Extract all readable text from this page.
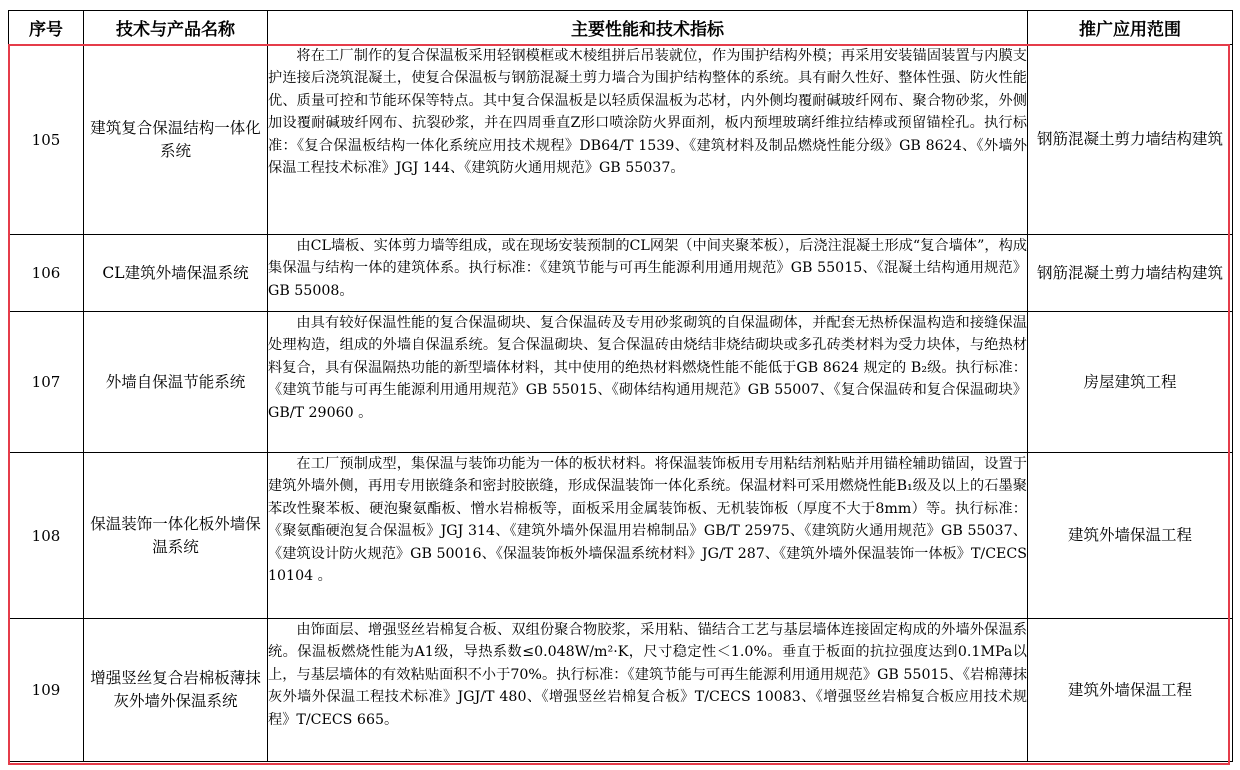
序号	技术与产品名称	主要性能和技术指标	推广应用范围
105	建筑复合保温结构一体化系统	将在工厂制作的复合保温板采用轻钢模框或木棱组拼后吊装就位，作为围护结构外模；再采用安装锚固装置与内膜支护连接后浇筑混凝土，使复合保温板与钢筋混凝土剪力墙合为围护结构整体的系统。具有耐久性好、整体性强、防火性能优、质量可控和节能环保等特点。其中复合保温板是以轻质保温板为芯材，内外侧均覆耐碱玻纤网布、聚合物砂浆，外侧加设覆耐碱玻纤网布、抗裂砂浆，并在四周垂直Z形口喷涂防火界面剂，板内预埋玻璃纤维拉结棒或预留锚栓孔。执行标准：《复合保温板结构一体化系统应用技术规程》DB64/T 1539、《建筑材料及制品燃烧性能分级》GB 8624、《外墙外保温工程技术标准》JGJ 144、《建筑防火通用规范》GB 55037。	钢筋混凝土剪力墙结构建筑
106	CL建筑外墙保温系统	由CL墙板、实体剪力墙等组成，或在现场安装预制的CL网架（中间夹聚苯板），后浇注混凝土形成“复合墙体”，构成集保温与结构一体的建筑体系。执行标准：《建筑节能与可再生能源利用通用规范》GB 55015、《混凝土结构通用规范》GB 55008。	钢筋混凝土剪力墙结构建筑
107	外墙自保温节能系统	由具有较好保温性能的复合保温砌块、复合保温砖及专用砂浆砌筑的自保温砌体，并配套无热桥保温构造和接缝保温处理构造，组成的外墙自保温系统。复合保温砌块、复合保温砖由烧结非烧结砌块或多孔砖类材料为受力块体，与绝热材料复合，具有保温隔热功能的新型墙体材料，其中使用的绝热材料燃烧性能不能低于GB 8624 规定的 B₂级。执行标准：《建筑节能与可再生能源利用通用规范》GB 55015、《砌体结构通用规范》GB 55007、《复合保温砖和复合保温砌块》GB/T 29060 。	房屋建筑工程
108	保温装饰一体化板外墙保温系统	在工厂预制成型，集保温与装饰功能为一体的板状材料。将保温装饰板用专用粘结剂粘贴并用锚栓辅助锚固，设置于建筑外墙外侧，再用专用嵌缝条和密封胶嵌缝，形成保温装饰一体化系统。保温材料可采用燃烧性能B₁级及以上的石墨聚苯改性聚苯板、硬泡聚氨酯板、憎水岩棉板等，面板采用金属装饰板、无机装饰板（厚度不大于8mm）等。执行标准：《聚氨酯硬泡复合保温板》JGJ 314、《建筑外墙外保温用岩棉制品》GB/T 25975、《建筑防火通用规范》GB 55037、《建筑设计防火规范》GB 50016、《保温装饰板外墙保温系统材料》JG/T 287、《建筑外墙外保温装饰一体板》T/CECS 10104 。	建筑外墙保温工程
109	增强竖丝复合岩棉板薄抹灰外墙外保温系统	由饰面层、增强竖丝岩棉复合板、双组份聚合物胶浆，采用粘、锚结合工艺与基层墙体连接固定构成的外墙外保温系统。保温板燃烧性能为A1级，导热系数≤0.048W/m²·K，尺寸稳定性＜1.0%。垂直于板面的抗拉强度达到0.1MPa以上，与基层墙体的有效粘贴面积不小于70%。执行标准：《建筑节能与可再生能源利用通用规范》GB 55015、《岩棉薄抹灰外墙外保温工程技术标准》JGJ/T 480、《增强竖丝岩棉复合板》T/CECS 10083、《增强竖丝岩棉复合板应用技术规程》T/CECS 665。	建筑外墙保温工程
